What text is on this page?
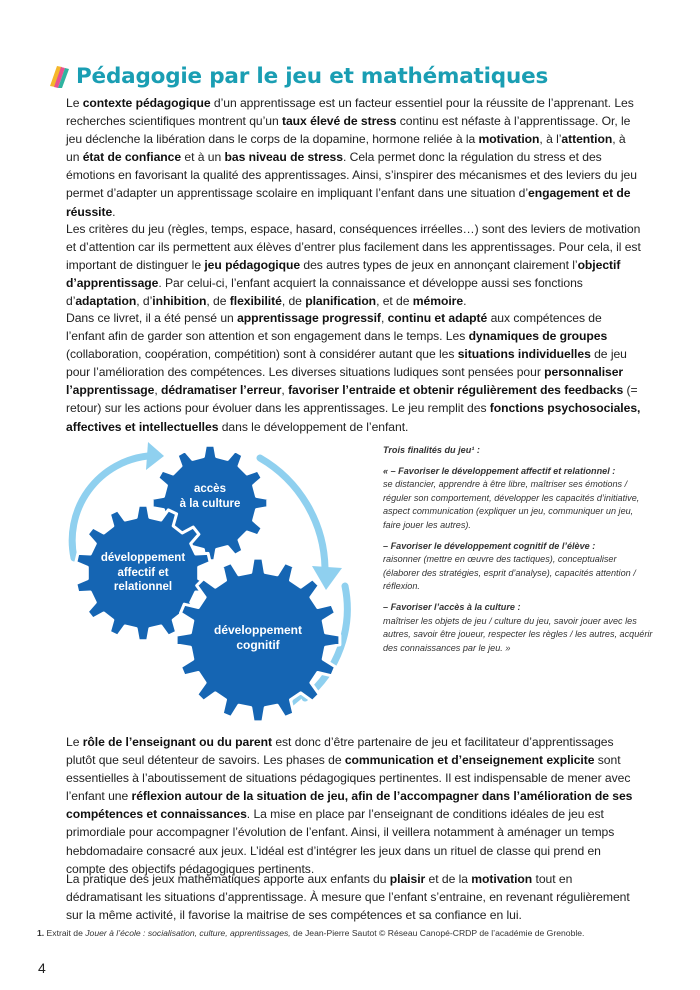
Pédagogie par le jeu et mathématiques

Le contexte pédagogique d’un apprentissage est un facteur essentiel pour la réussite de l’apprenant. Les recherches scientifiques montrent qu’un taux élevé de stress continu est néfaste à l’apprentissage. Or, le jeu déclenche la libération dans le corps de la dopamine, hormone reliée à la motivation, à l’attention, à un état de confiance et à un bas niveau de stress. Cela permet donc la régulation du stress et des émotions en favorisant la qualité des apprentissages. Ainsi, s’inspirer des mécanismes et des leviers du jeu permet d’adapter un apprentissage scolaire en impliquant l’enfant dans une situation d’engagement et de réussite.

Les critères du jeu (règles, temps, espace, hasard, conséquences irréelles…) sont des leviers de motivation et d’attention car ils permettent aux élèves d’entrer plus facilement dans les apprentissages. Pour cela, il est important de distinguer le jeu pédagogique des autres types de jeux en annonçant clairement l’objectif d’apprentissage. Par celui-ci, l’enfant acquiert la connaissance et développe aussi ses fonctions d’adaptation, d’inhibition, de flexibilité, de planification, et de mémoire.

Dans ce livret, il a été pensé un apprentissage progressif, continu et adapté aux compétences de l’enfant afin de garder son attention et son engagement dans le temps. Les dynamiques de groupes (collaboration, coopération, compétition) sont à considérer autant que les situations individuelles de jeu pour l’amélioration des compétences. Les diverses situations ludiques sont pensées pour personnaliser l’apprentissage, dédramatiser l’erreur, favoriser l’entraide et obtenir régulièrement des feedbacks (= retour) sur les actions pour évoluer dans les apprentissages. Le jeu remplit des fonctions psychosociales, affectives et intellectuelles dans le développement de l’enfant.

accès
à la culture
développement
affectif et
relationnel
développement
cognitif

Trois finalités du jeu¹ :

« – Favoriser le développement affectif et relationnel :
se distancier, apprendre à être libre, maîtriser ses émotions / réguler son comportement, développer les capacités d’initiative, aspect communication (expliquer un jeu, communiquer un jeu, faire jouer les autres).

– Favoriser le développement cognitif de l’élève :
raisonner (mettre en œuvre des tactiques), conceptualiser (élaborer des stratégies, esprit d’analyse), capacités attention / réflexion.

– Favoriser l’accès à la culture :
maîtriser les objets de jeu / culture du jeu, savoir jouer avec les autres, savoir être joueur, respecter les règles / les autres, acquérir des connaissances par le jeu. »

Le rôle de l’enseignant ou du parent est donc d’être partenaire de jeu et facilitateur d’apprentissages plutôt que seul détenteur de savoirs. Les phases de communication et d’enseignement explicite sont essentielles à l’aboutissement de situations pédagogiques pertinentes. Il est indispensable de mener avec l’enfant une réflexion autour de la situation de jeu, afin de l’accompagner dans l’amélioration de ses compétences et connaissances. La mise en place par l’enseignant de conditions idéales de jeu est primordiale pour accompagner l’évolution de l’enfant. Ainsi, il veillera notamment à aménager un temps hebdomadaire consacré aux jeux. L’idéal est d’intégrer les jeux dans un rituel de classe qui prend en compte des objectifs pédagogiques pertinents.

La pratique des jeux mathématiques apporte aux enfants du plaisir et de la motivation tout en dédramatisant les situations d’apprentissage. À mesure que l’enfant s’entraine, en revenant régulièrement sur la même activité, il favorise la maitrise de ses compétences et sa confiance en lui.

1. Extrait de Jouer à l’école : socialisation, culture, apprentissages, de Jean-Pierre Sautot © Réseau Canopé-CRDP de l’académie de Grenoble.
4
